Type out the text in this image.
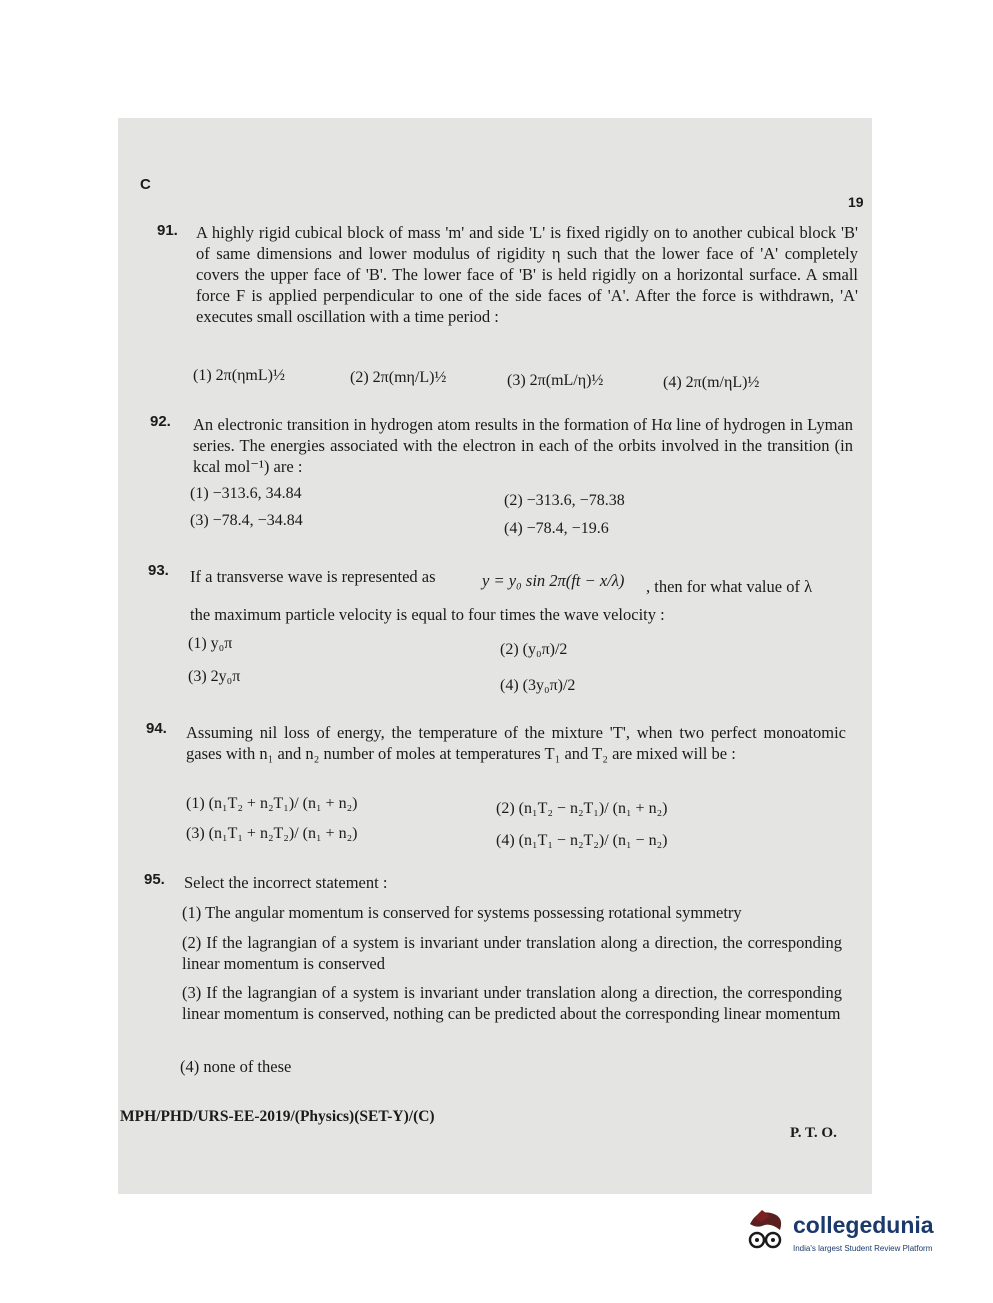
C
19
91. A highly rigid cubical block of mass 'm' and side 'L' is fixed rigidly on to another cubical block 'B' of same dimensions and lower modulus of rigidity η such that the lower face of 'A' completely covers the upper face of 'B'. The lower face of 'B' is held rigidly on a horizontal surface. A small force F is applied perpendicular to one of the side faces of 'A'. After the force is withdrawn, 'A' executes small oscillation with a time period :
(1) 2π(ηmL)½	(2) 2π(mη/L)½	(3) 2π(mL/η)½	(4) 2π(m/ηL)½
92. An electronic transition in hydrogen atom results in the formation of Hα line of hydrogen in Lyman series. The energies associated with the electron in each of the orbits involved in the transition (in kcal mol⁻¹) are :
(1) −313.6, 34.84	(2) −313.6, −78.38
(3) −78.4, −34.84	(4) −78.4, −19.6
93. If a transverse wave is represented as	y = y₀ sin 2π(ft − x/λ) , then for what value of λ
the maximum particle velocity is equal to four times the wave velocity :
(1) y₀π	(2) (y₀π)/2
(3) 2y₀π
(4) (3y₀π)/2
94. Assuming nil loss of energy, the temperature of the mixture 'T', when two perfect monoatomic gases with n₁ and n₂ number of moles at temperatures T₁ and T₂ are mixed will be :
(1) (n₁T₂ + n₂T₁)/ (n₁ + n₂)	(2) (n₁T₂ − n₂T₁)/ (n₁ + n₂)
(3) (n₁T₁ + n₂T₂)/ (n₁ + n₂)	(4) (n₁T₁ − n₂T₂)/ (n₁ − n₂)
95. Select the incorrect statement :
(1) The angular momentum is conserved for systems possessing rotational symmetry
(2) If the lagrangian of a system is invariant under translation along a direction, the corresponding linear momentum is conserved
(3) If the lagrangian of a system is invariant under translation along a direction, the corresponding linear momentum is conserved, nothing can be predicted about the corresponding linear momentum
(4) none of these
MPH/PHD/URS-EE-2019/(Physics)(SET-Y)/(C)
P. T. O.
collegedunia
India's largest Student Review Platform
